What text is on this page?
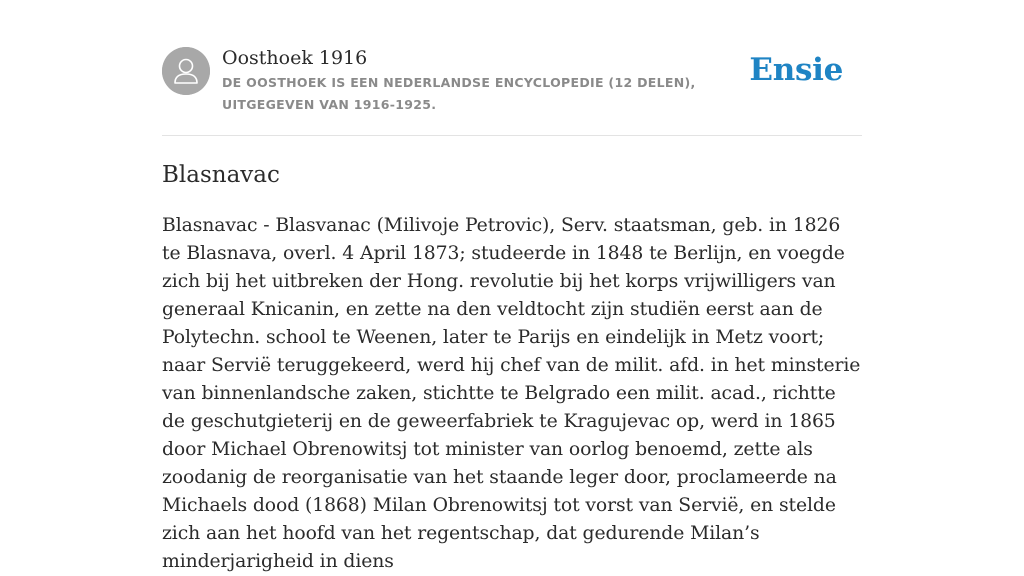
Oosthoek 1916

DE OOSTHOEK IS EEN NEDERLANDSE ENCYCLOPEDIE (12 DELEN), UITGEGEVEN VAN 1916-1925.

Ensie
Blasnavac

Blasnavac - Blasvanac (Milivoje Petrovic), Serv. staatsman, geb. in 1826 te Blasnava, overl. 4 April 1873; studeerde in 1848 te Berlijn, en voegde zich bij het uitbreken der Hong. revolutie bij het korps vrijwilligers van generaal Knicanin, en zette na den veldtocht zijn studiën eerst aan de Polytechn. school te Weenen, later te Parijs en eindelijk in Metz voort; naar Servië teruggekeerd, werd hij chef van de milit. afd. in het minsterie van binnenlandsche zaken, stichtte te Belgrado een milit. acad., richtte de geschutgieterij en de geweerfabriek te Kragujevac op, werd in 1865 door Michael Obrenowitsj tot minister van oorlog benoemd, zette als zoodanig de reorganisatie van het staande leger door, proclameerde na Michaels dood (1868) Milan Obrenowitsj tot vorst van Servië, en stelde zich aan het hoofd van het regentschap, dat gedurende Milan’s minderjarigheid in diens
